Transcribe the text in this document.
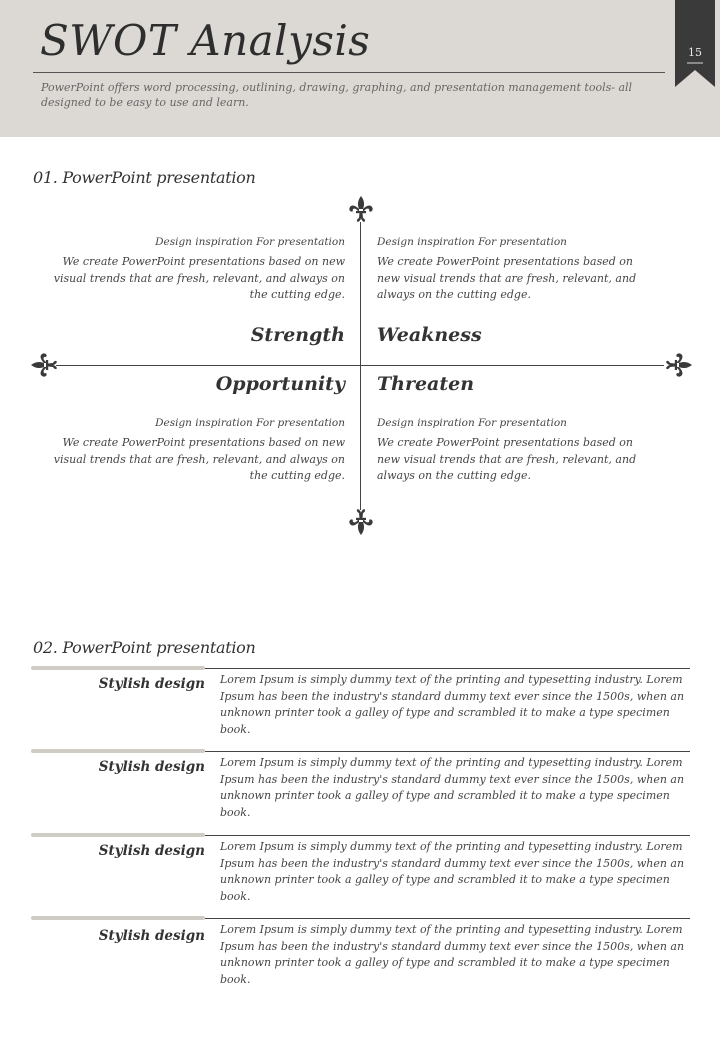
SWOT Analysis
PowerPoint offers word processing, outlining, drawing, graphing, and presentation management tools- all designed to be easy to use and learn.
15
01. PowerPoint presentation
Design inspiration For presentation
We create PowerPoint presentations based on new visual trends that are fresh, relevant, and always on the cutting edge.
Strength
Design inspiration For presentation
We create PowerPoint presentations based on new visual trends that are fresh, relevant, and always on the cutting edge.
Weakness
Opportunity
Design inspiration For presentation
We create PowerPoint presentations based on new visual trends that are fresh, relevant, and always on the cutting edge.
Threaten
Design inspiration For presentation
We create PowerPoint presentations based on new visual trends that are fresh, relevant, and always on the cutting edge.
02. PowerPoint presentation
Stylish design Lorem Ipsum is simply dummy text of the printing and typesetting industry. Lorem Ipsum has been the industry's standard dummy text ever since the 1500s, when an unknown printer took a galley of type and scrambled it to make a type specimen book.
Stylish design Lorem Ipsum is simply dummy text of the printing and typesetting industry. Lorem Ipsum has been the industry's standard dummy text ever since the 1500s, when an unknown printer took a galley of type and scrambled it to make a type specimen book.
Stylish design Lorem Ipsum is simply dummy text of the printing and typesetting industry. Lorem Ipsum has been the industry's standard dummy text ever since the 1500s, when an unknown printer took a galley of type and scrambled it to make a type specimen book.
Stylish design Lorem Ipsum is simply dummy text of the printing and typesetting industry. Lorem Ipsum has been the industry's standard dummy text ever since the 1500s, when an unknown printer took a galley of type and scrambled it to make a type specimen book.
